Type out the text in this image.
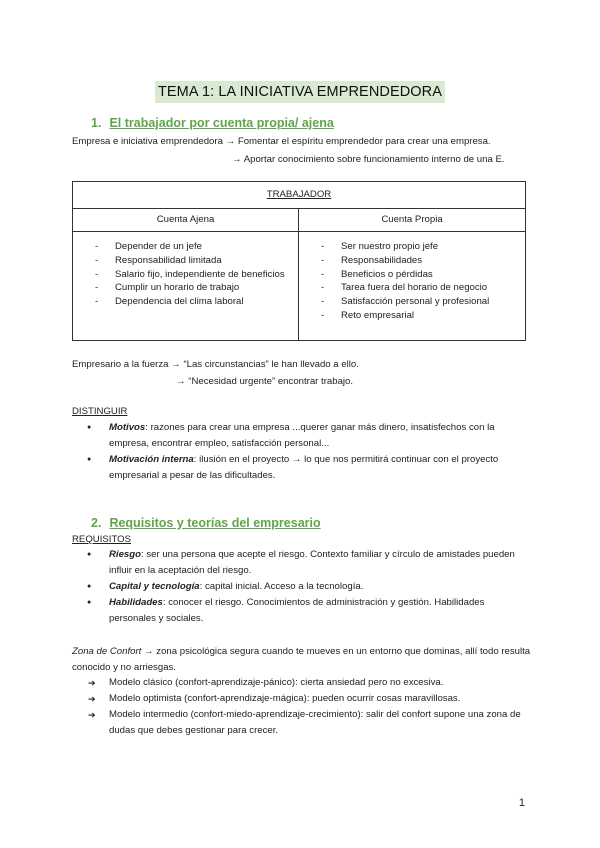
TEMA 1: LA INICIATIVA EMPRENDEDORA
1. El trabajador por cuenta propia/ ajena
Empresa e iniciativa emprendedora → Fomentar el espíritu emprendedor para crear una empresa.
→ Aportar conocimiento sobre funcionamiento interno de una E.
TRABAJADOR
Cuenta Ajena	Cuenta Propia
- Depender de un jefe
- Responsabilidad limitada
- Salario fijo, independiente de beneficios
- Cumplir un horario de trabajo
- Dependencia del clima laboral
- Ser nuestro propio jefe
- Responsabilidades
- Beneficios o pérdidas
- Tarea fuera del horario de negocio
- Satisfacción personal y profesional
- Reto empresarial
Empresario a la fuerza → “Las circunstancias” le han llevado a ello.
→ “Necesidad urgente” encontrar trabajo.
DISTINGUIR
● Motivos: razones para crear una empresa ...querer ganar más dinero, insatisfechos con la empresa, encontrar empleo, satisfacción personal...
● Motivación interna: ilusión en el proyecto → lo que nos permitirá continuar con el proyecto empresarial a pesar de las dificultades.
2. Requisitos y teorías del empresario
REQUISITOS
● Riesgo: ser una persona que acepte el riesgo. Contexto familiar y círculo de amistades pueden influir en la aceptación del riesgo.
● Capital y tecnología: capital inicial. Acceso a la tecnología.
● Habilidades: conocer el riesgo. Conocimientos de administración y gestión. Habilidades personales y sociales.
Zona de Confort → zona psicológica segura cuando te mueves en un entorno que dominas, allí todo resulta conocido y no arriesgas.
➔ Modelo clásico (confort-aprendizaje-pánico): cierta ansiedad pero no excesiva.
➔ Modelo optimista (confort-aprendizaje-mágica): pueden ocurrir cosas maravillosas.
➔ Modelo intermedio (confort-miedo-aprendizaje-crecimiento): salir del confort supone una zona de dudas que debes gestionar para crecer.
1
